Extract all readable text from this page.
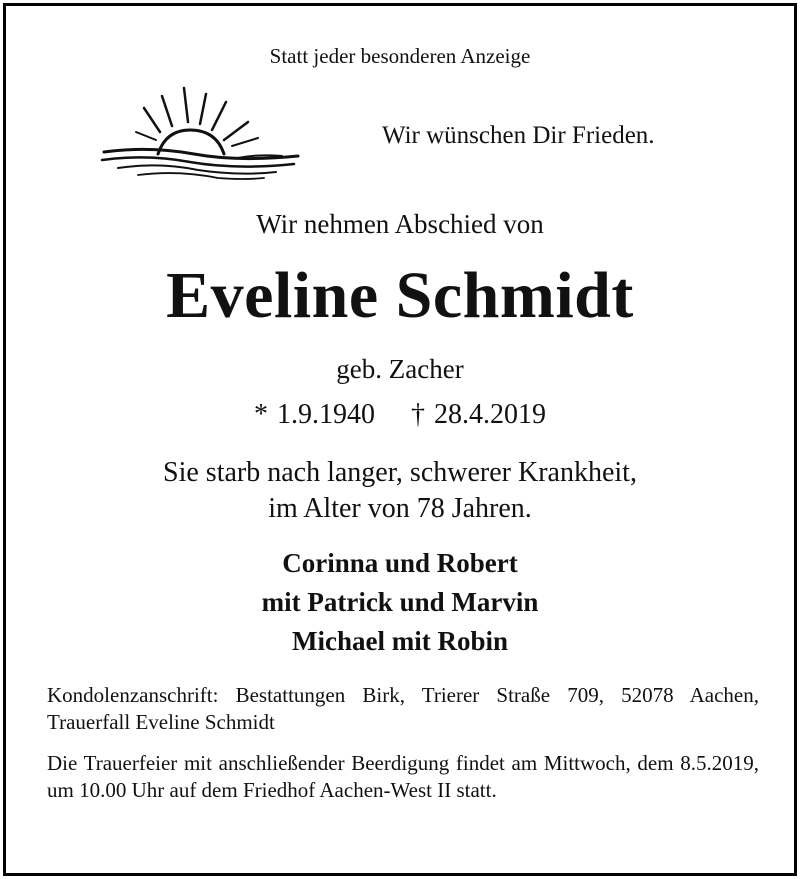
Statt jeder besonderen Anzeige
Wir wünschen Dir Frieden.
Wir nehmen Abschied von
Eveline Schmidt
geb. Zacher
* 1.9.1940 † 28.4.2019
Sie starb nach langer, schwerer Krankheit,
im Alter von 78 Jahren.
Corinna und Robert
mit Patrick und Marvin
Michael mit Robin
Kondolenzanschrift: Bestattungen Birk, Trierer Straße 709, 52078 Aachen, Trauerfall Eveline Schmidt
Die Trauerfeier mit anschließender Beerdigung findet am Mittwoch, dem 8.5.2019, um 10.00 Uhr auf dem Friedhof Aachen-West II statt.
